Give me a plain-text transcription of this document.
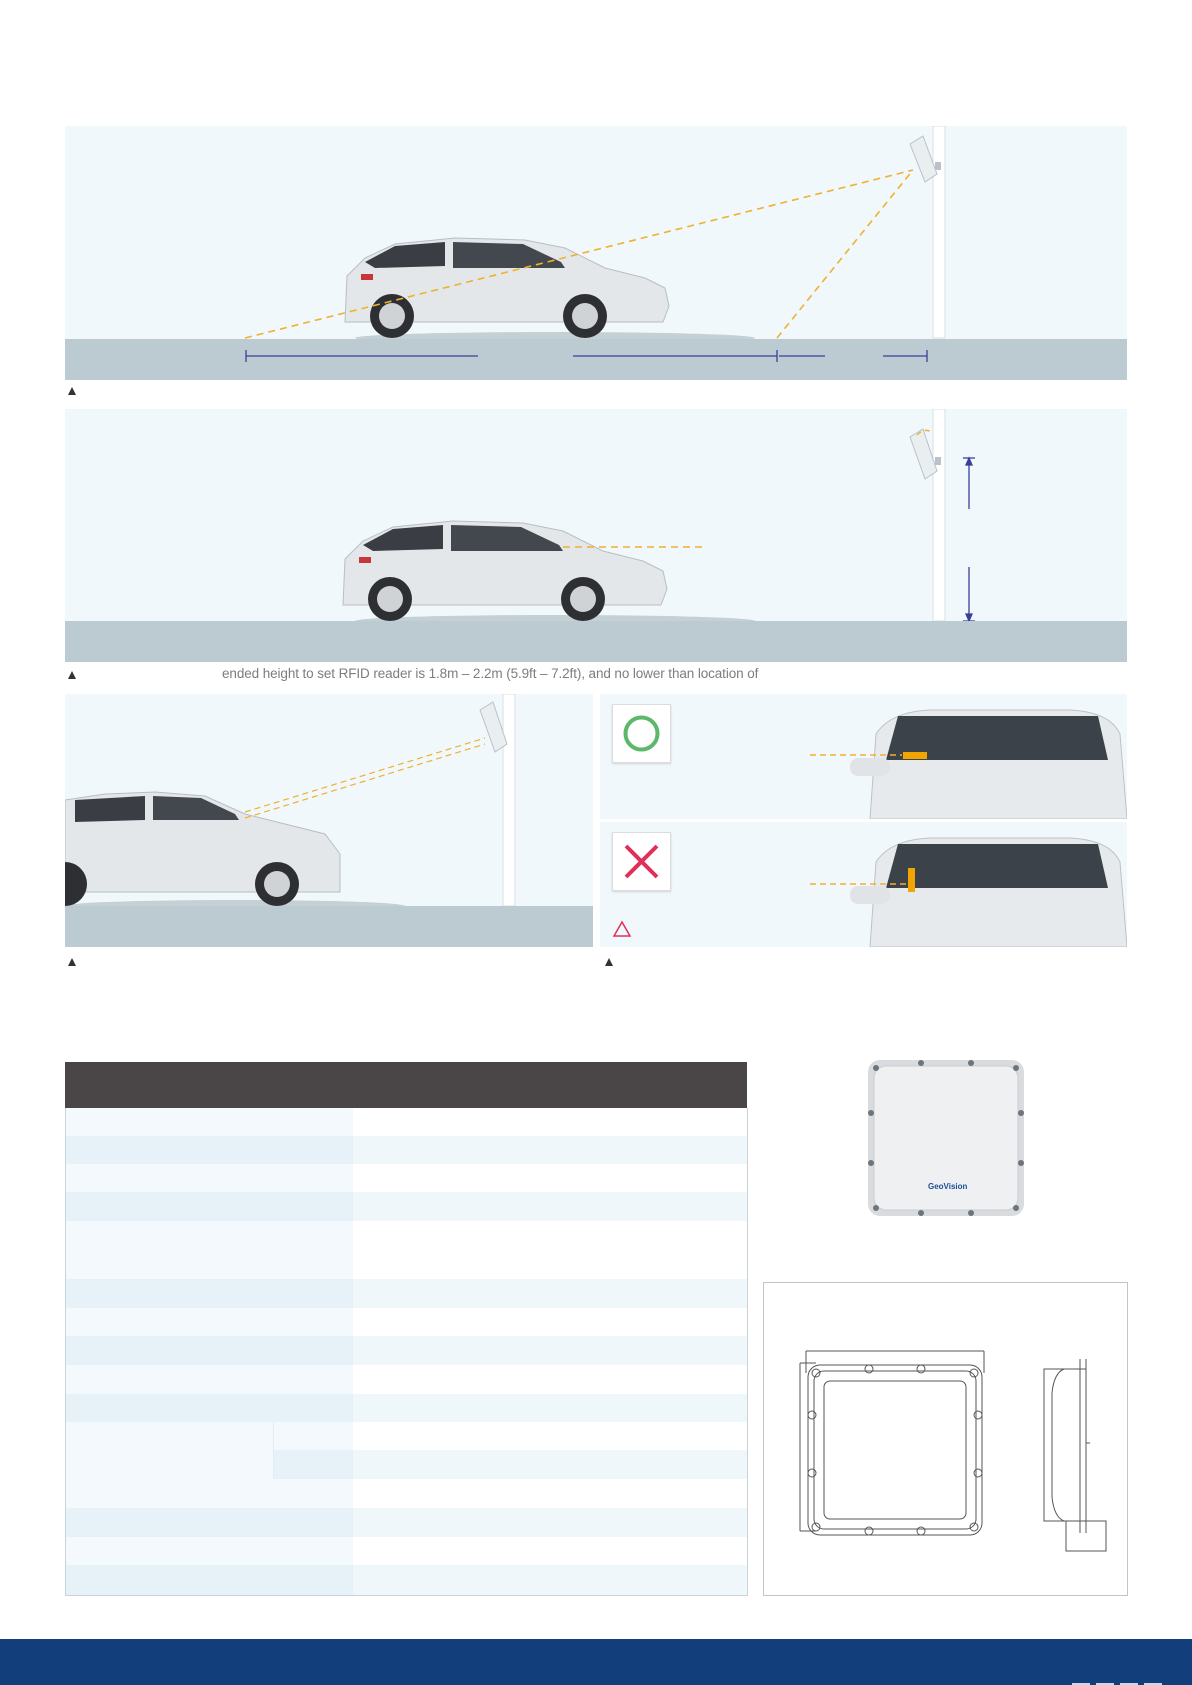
ended height to set RFID reader is 1.8m – 2.2m (5.9ft – 7.2ft), and no lower than location of
GeoVision
